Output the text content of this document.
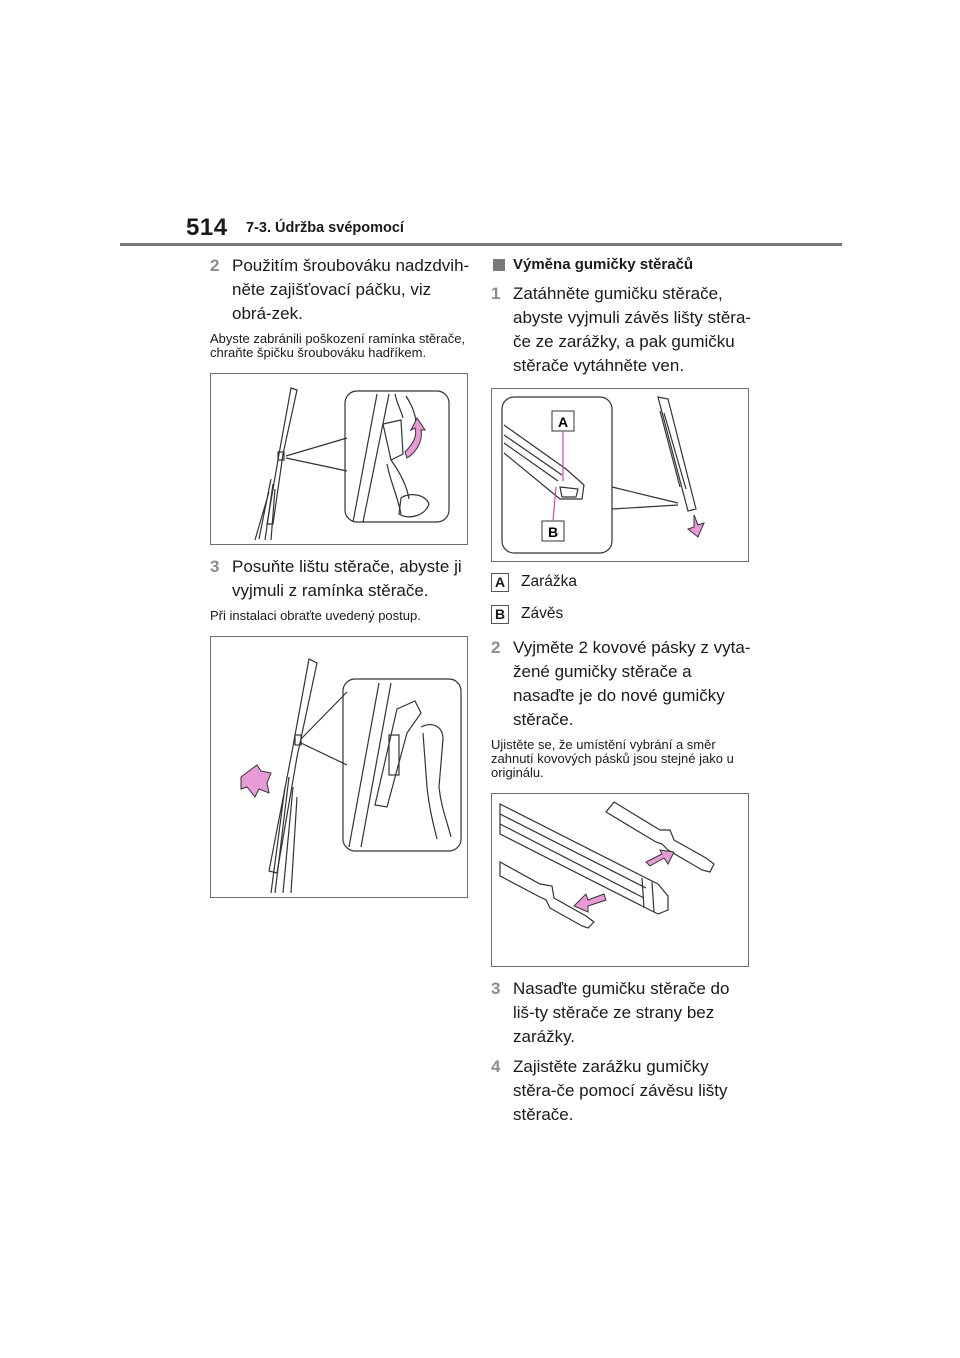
514 7-3. Údržba svépomocí
2 Použitím šroubováku nadzdvih-něte zajišťovací páčku, viz obrá-zek.
Abyste zabránili poškození ramínka stěrače, chraňte špičku šroubováku hadříkem.
3 Posuňte lištu stěrače, abyste ji vyjmuli z ramínka stěrače.
Při instalaci obraťte uvedený postup.
Výměna gumičky stěračů
1 Zatáhněte gumičku stěrače, abyste vyjmuli závěs lišty stěra-če ze zarážky, a pak gumičku stěrače vytáhněte ven.
A
B
A Zarážka
B Závěs
2 Vyjměte 2 kovové pásky z vyta-žené gumičky stěrače a nasaďte je do nové gumičky stěrače.
Ujistěte se, že umístění vybrání a směr zahnutí kovových pásků jsou stejné jako u originálu.
3 Nasaďte gumičku stěrače do liš-ty stěrače ze strany bez zarážky.
4 Zajistěte zarážku gumičky stěra-če pomocí závěsu lišty stěrače.
